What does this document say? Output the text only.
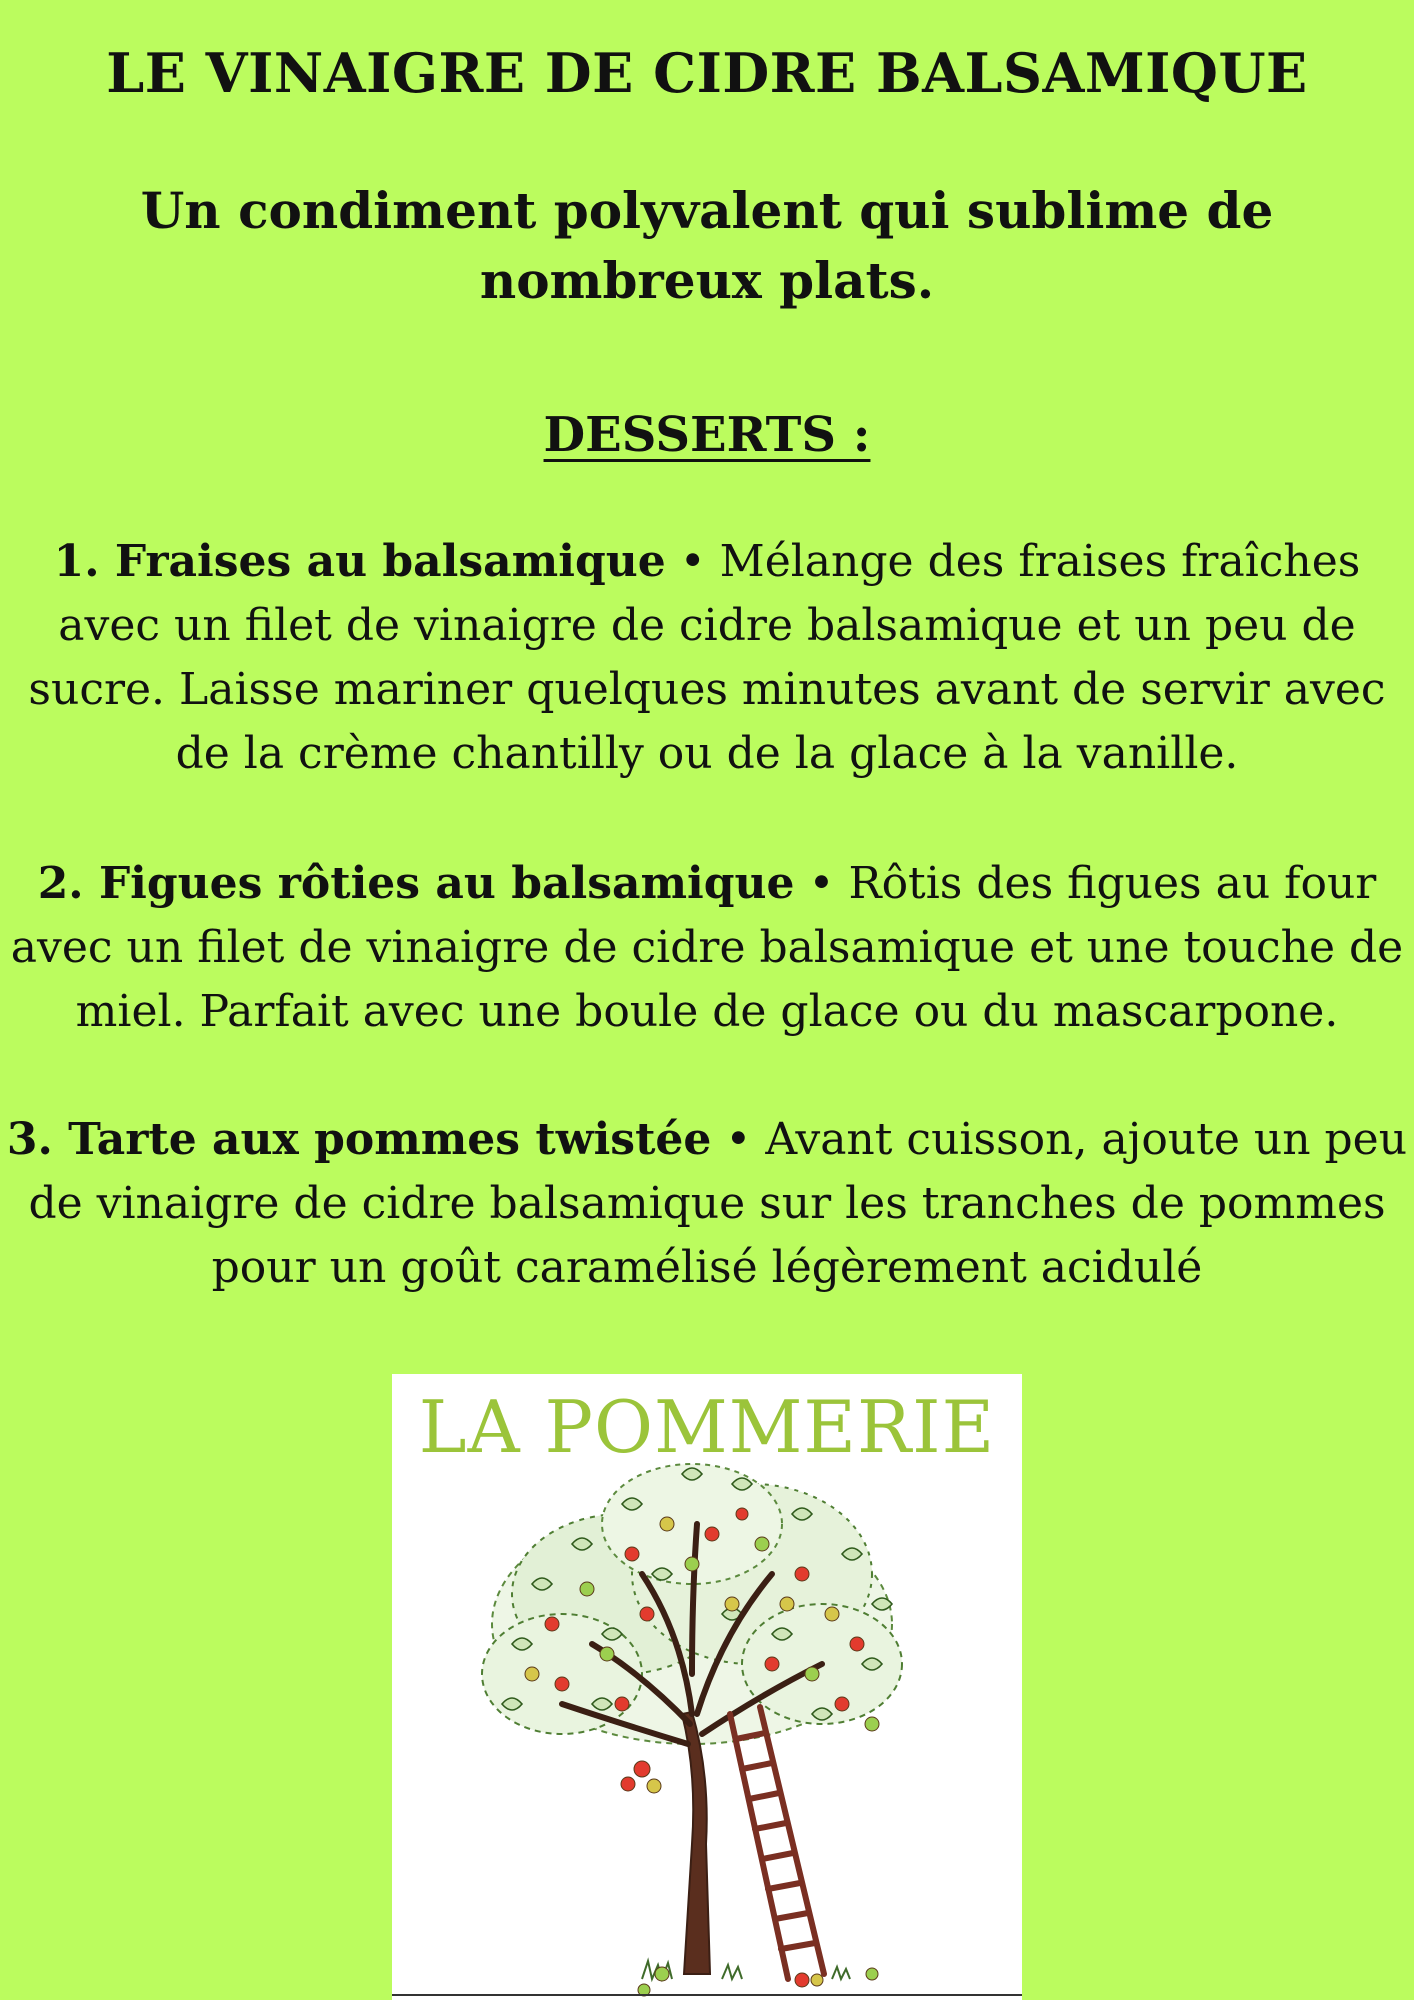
LE VINAIGRE DE CIDRE BALSAMIQUE
Un condiment polyvalent qui sublime de nombreux plats.
DESSERTS :

1. Fraises au balsamique • Mélange des fraises fraîches avec un filet de vinaigre de cidre balsamique et un peu de sucre. Laisse mariner quelques minutes avant de servir avec de la crème chantilly ou de la glace à la vanille.

2. Figues rôties au balsamique • Rôtis des figues au four avec un filet de vinaigre de cidre balsamique et une touche de miel. Parfait avec une boule de glace ou du mascarpone.

3. Tarte aux pommes twistée • Avant cuisson, ajoute un peu de vinaigre de cidre balsamique sur les tranches de pommes pour un goût caramélisé légèrement acidulé

LA POMMERIE
